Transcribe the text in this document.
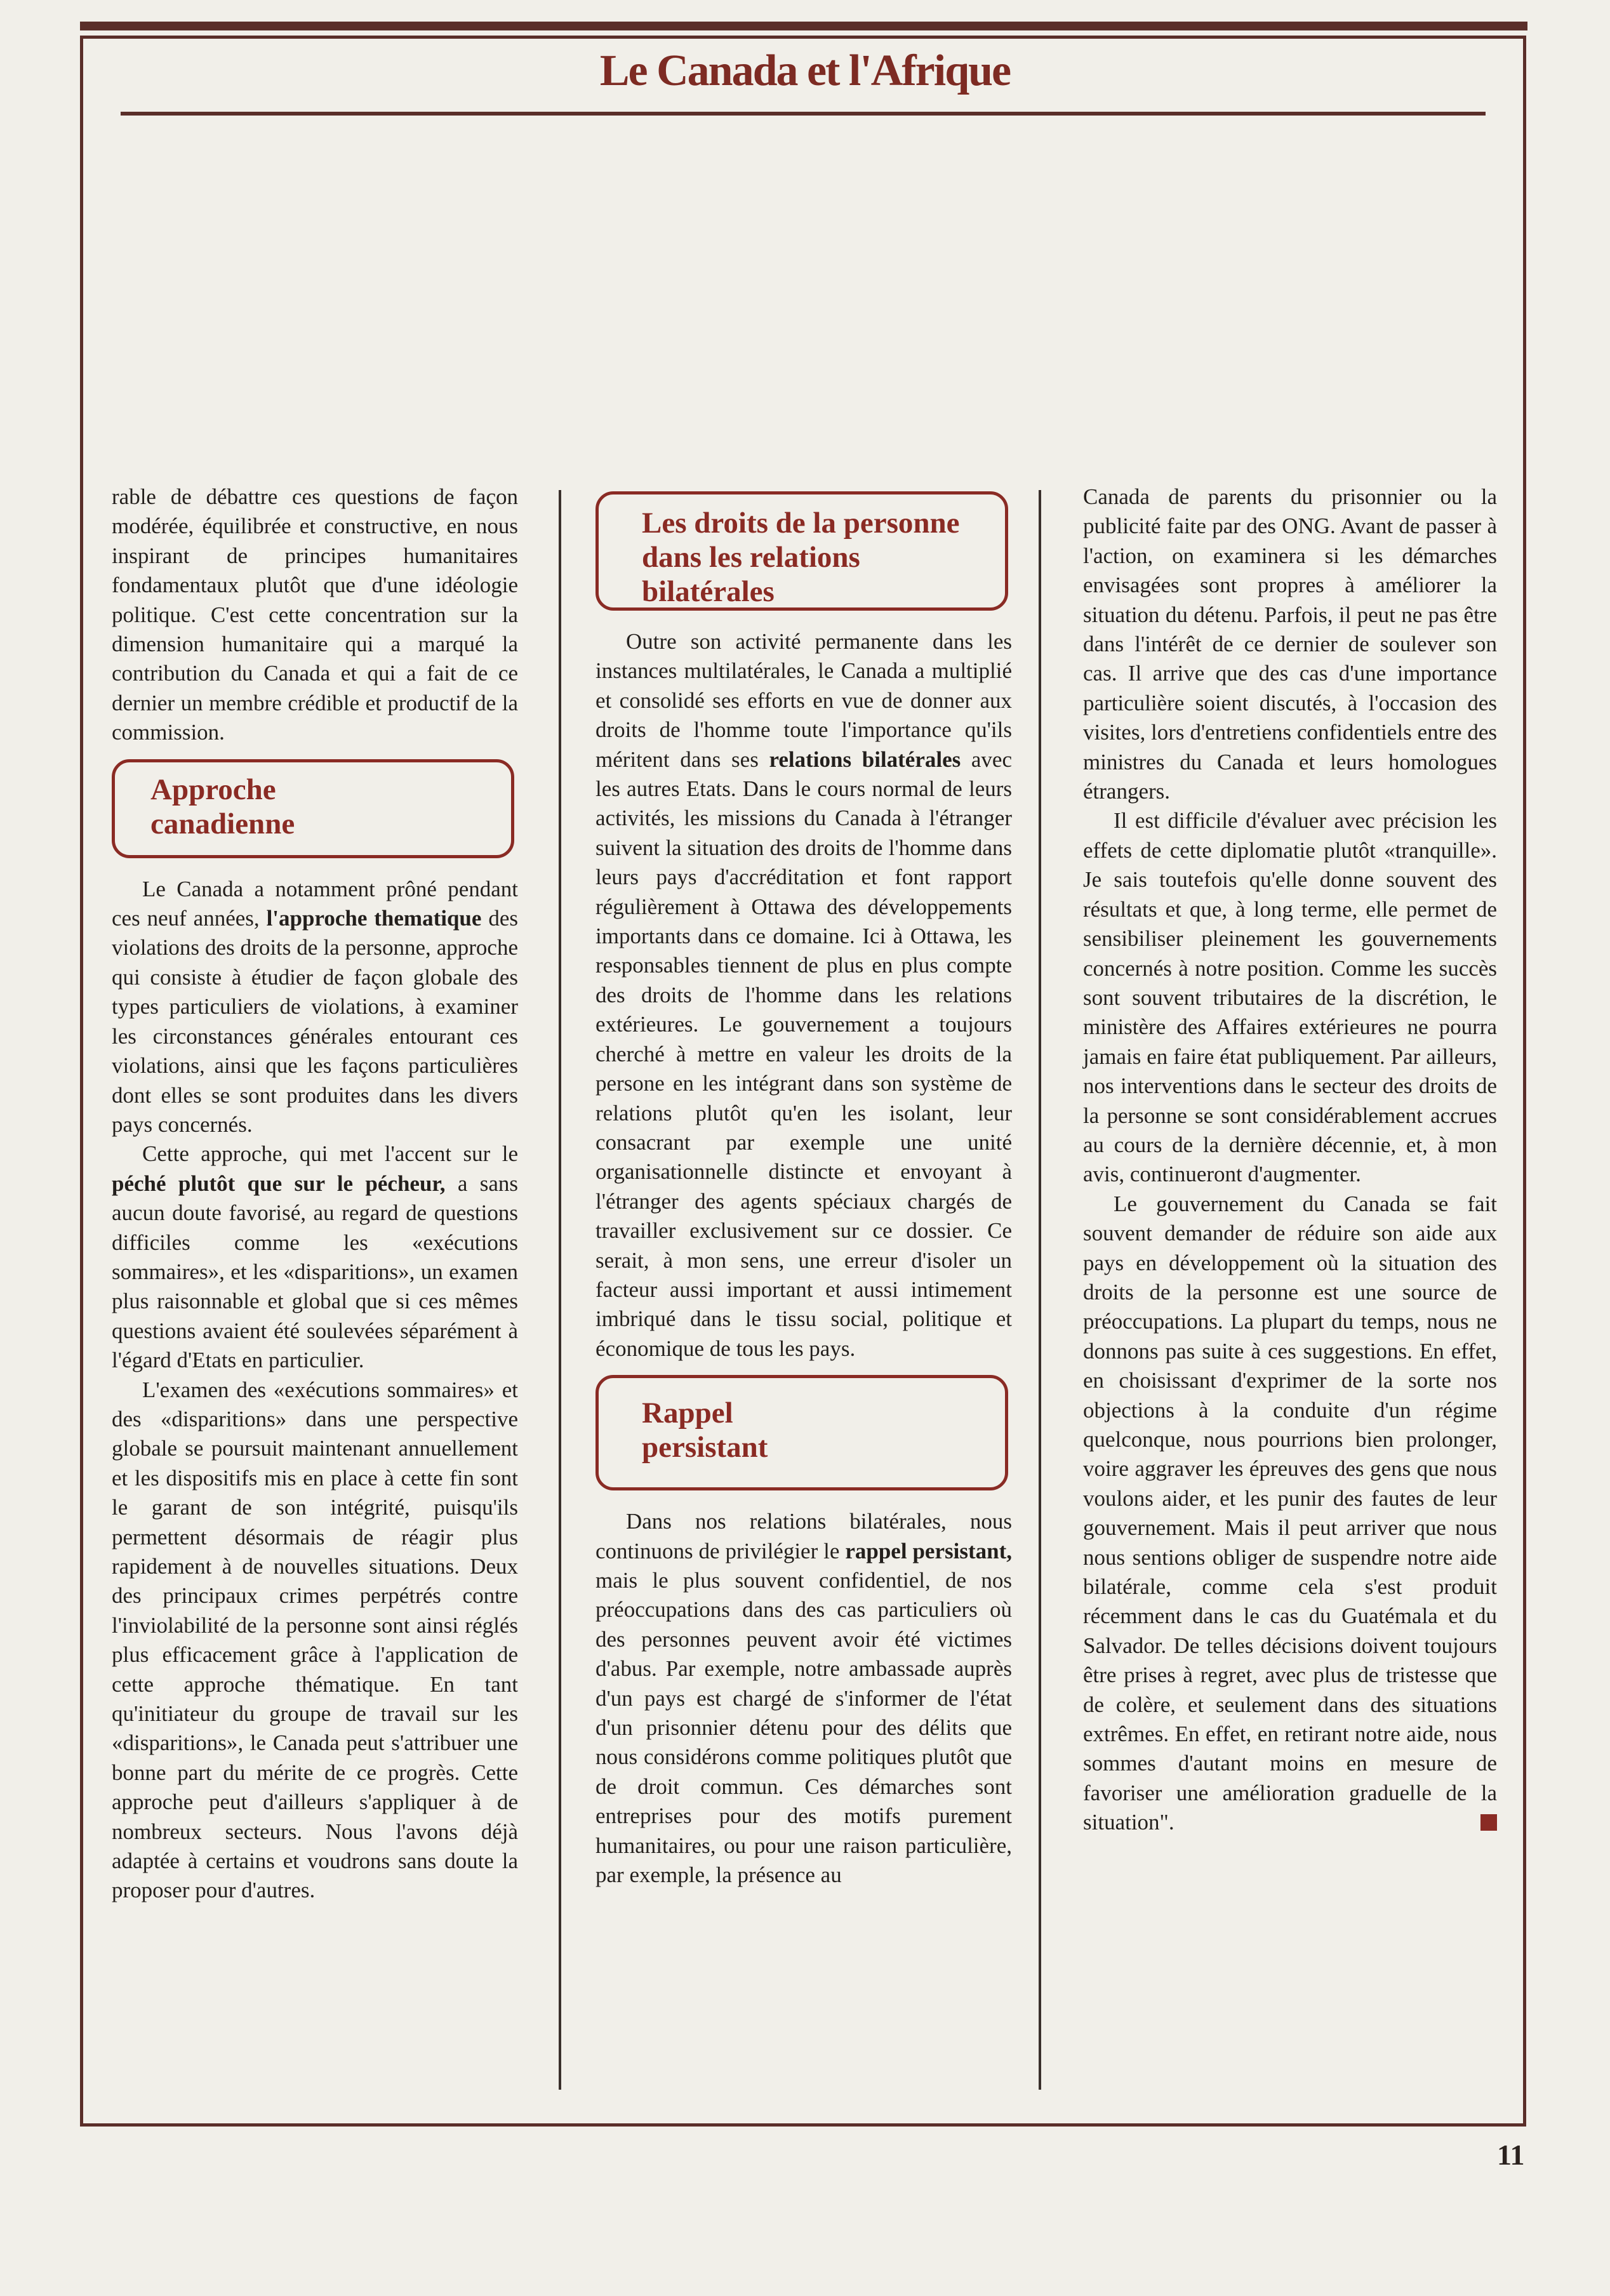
Le Canada et l'Afrique

rable de débattre ces questions de façon modérée, équilibrée et constructive, en nous inspirant de principes humanitaires fondamentaux plutôt que d'une idéologie politique. C'est cette concentration sur la dimension humanitaire qui a marqué la contribution du Canada et qui a fait de ce dernier un membre crédible et productif de la commission.

Approche canadienne

Le Canada a notamment prôné pendant ces neuf années, l'approche thematique des violations des droits de la personne, approche qui consiste à étudier de façon globale des types particuliers de violations, à examiner les circonstances générales entourant ces violations, ainsi que les façons particulières dont elles se sont produites dans les divers pays concernés.

Cette approche, qui met l'accent sur le péché plutôt que sur le pécheur, a sans aucun doute favorisé, au regard de questions difficiles comme les «exécutions sommaires», et les «disparitions», un examen plus raisonnable et global que si ces mêmes questions avaient été soulevées séparément à l'égard d'Etats en particulier.

L'examen des «exécutions sommaires» et des «disparitions» dans une perspective globale se poursuit maintenant annuellement et les dispositifs mis en place à cette fin sont le garant de son intégrité, puisqu'ils permettent désormais de réagir plus rapidement à de nouvelles situations. Deux des principaux crimes perpétrés contre l'inviolabilité de la personne sont ainsi réglés plus efficacement grâce à l'application de cette approche thématique. En tant qu'initiateur du groupe de travail sur les «disparitions», le Canada peut s'attribuer une bonne part du mérite de ce progrès. Cette approche peut d'ailleurs s'appliquer à de nombreux secteurs. Nous l'avons déjà adaptée à certains et voudrons sans doute la proposer pour d'autres.

Les droits de la personne dans les relations bilatérales

Outre son activité permanente dans les instances multilatérales, le Canada a multiplié et consolidé ses efforts en vue de donner aux droits de l'homme toute l'importance qu'ils méritent dans ses relations bilatérales avec les autres Etats. Dans le cours normal de leurs activités, les missions du Canada à l'étranger suivent la situation des droits de l'homme dans leurs pays d'accréditation et font rapport régulièrement à Ottawa des développements importants dans ce domaine. Ici à Ottawa, les responsables tiennent de plus en plus compte des droits de l'homme dans les relations extérieures. Le gouvernement a toujours cherché à mettre en valeur les droits de la persone en les intégrant dans son système de relations plutôt qu'en les isolant, leur consacrant par exemple une unité organisationnelle distincte et envoyant à l'étranger des agents spéciaux chargés de travailler exclusivement sur ce dossier. Ce serait, à mon sens, une erreur d'isoler un facteur aussi important et aussi intimement imbriqué dans le tissu social, politique et économique de tous les pays.

Rappel persistant

Dans nos relations bilatérales, nous continuons de privilégier le rappel persistant, mais le plus souvent confidentiel, de nos préoccupations dans des cas particuliers où des personnes peuvent avoir été victimes d'abus. Par exemple, notre ambassade auprès d'un pays est chargé de s'informer de l'état d'un prisonnier détenu pour des délits que nous considérons comme politiques plutôt que de droit commun. Ces démarches sont entreprises pour des motifs purement humanitaires, ou pour une raison particulière, par exemple, la présence au

Canada de parents du prisonnier ou la publicité faite par des ONG. Avant de passer à l'action, on examinera si les démarches envisagées sont propres à améliorer la situation du détenu. Parfois, il peut ne pas être dans l'intérêt de ce dernier de soulever son cas. Il arrive que des cas d'une importance particulière soient discutés, à l'occasion des visites, lors d'entretiens confidentiels entre des ministres du Canada et leurs homologues étrangers.

Il est difficile d'évaluer avec précision les effets de cette diplomatie plutôt «tranquille». Je sais toutefois qu'elle donne souvent des résultats et que, à long terme, elle permet de sensibiliser pleinement les gouvernements concernés à notre position. Comme les succès sont souvent tributaires de la discrétion, le ministère des Affaires extérieures ne pourra jamais en faire état publiquement. Par ailleurs, nos interventions dans le secteur des droits de la personne se sont considérablement accrues au cours de la dernière décennie, et, à mon avis, continueront d'augmenter.

Le gouvernement du Canada se fait souvent demander de réduire son aide aux pays en développement où la situation des droits de la personne est une source de préoccupations. La plupart du temps, nous ne donnons pas suite à ces suggestions. En effet, en choisissant d'exprimer de la sorte nos objections à la conduite d'un régime quelconque, nous pourrions bien prolonger, voire aggraver les épreuves des gens que nous voulons aider, et les punir des fautes de leur gouvernement. Mais il peut arriver que nous nous sentions obliger de suspendre notre aide bilatérale, comme cela s'est produit récemment dans le cas du Guatémala et du Salvador. De telles décisions doivent toujours être prises à regret, avec plus de tristesse que de colère, et seulement dans des situations extrêmes. En effet, en retirant notre aide, nous sommes d'autant moins en mesure de favoriser une amélioration graduelle de la situation".

11
